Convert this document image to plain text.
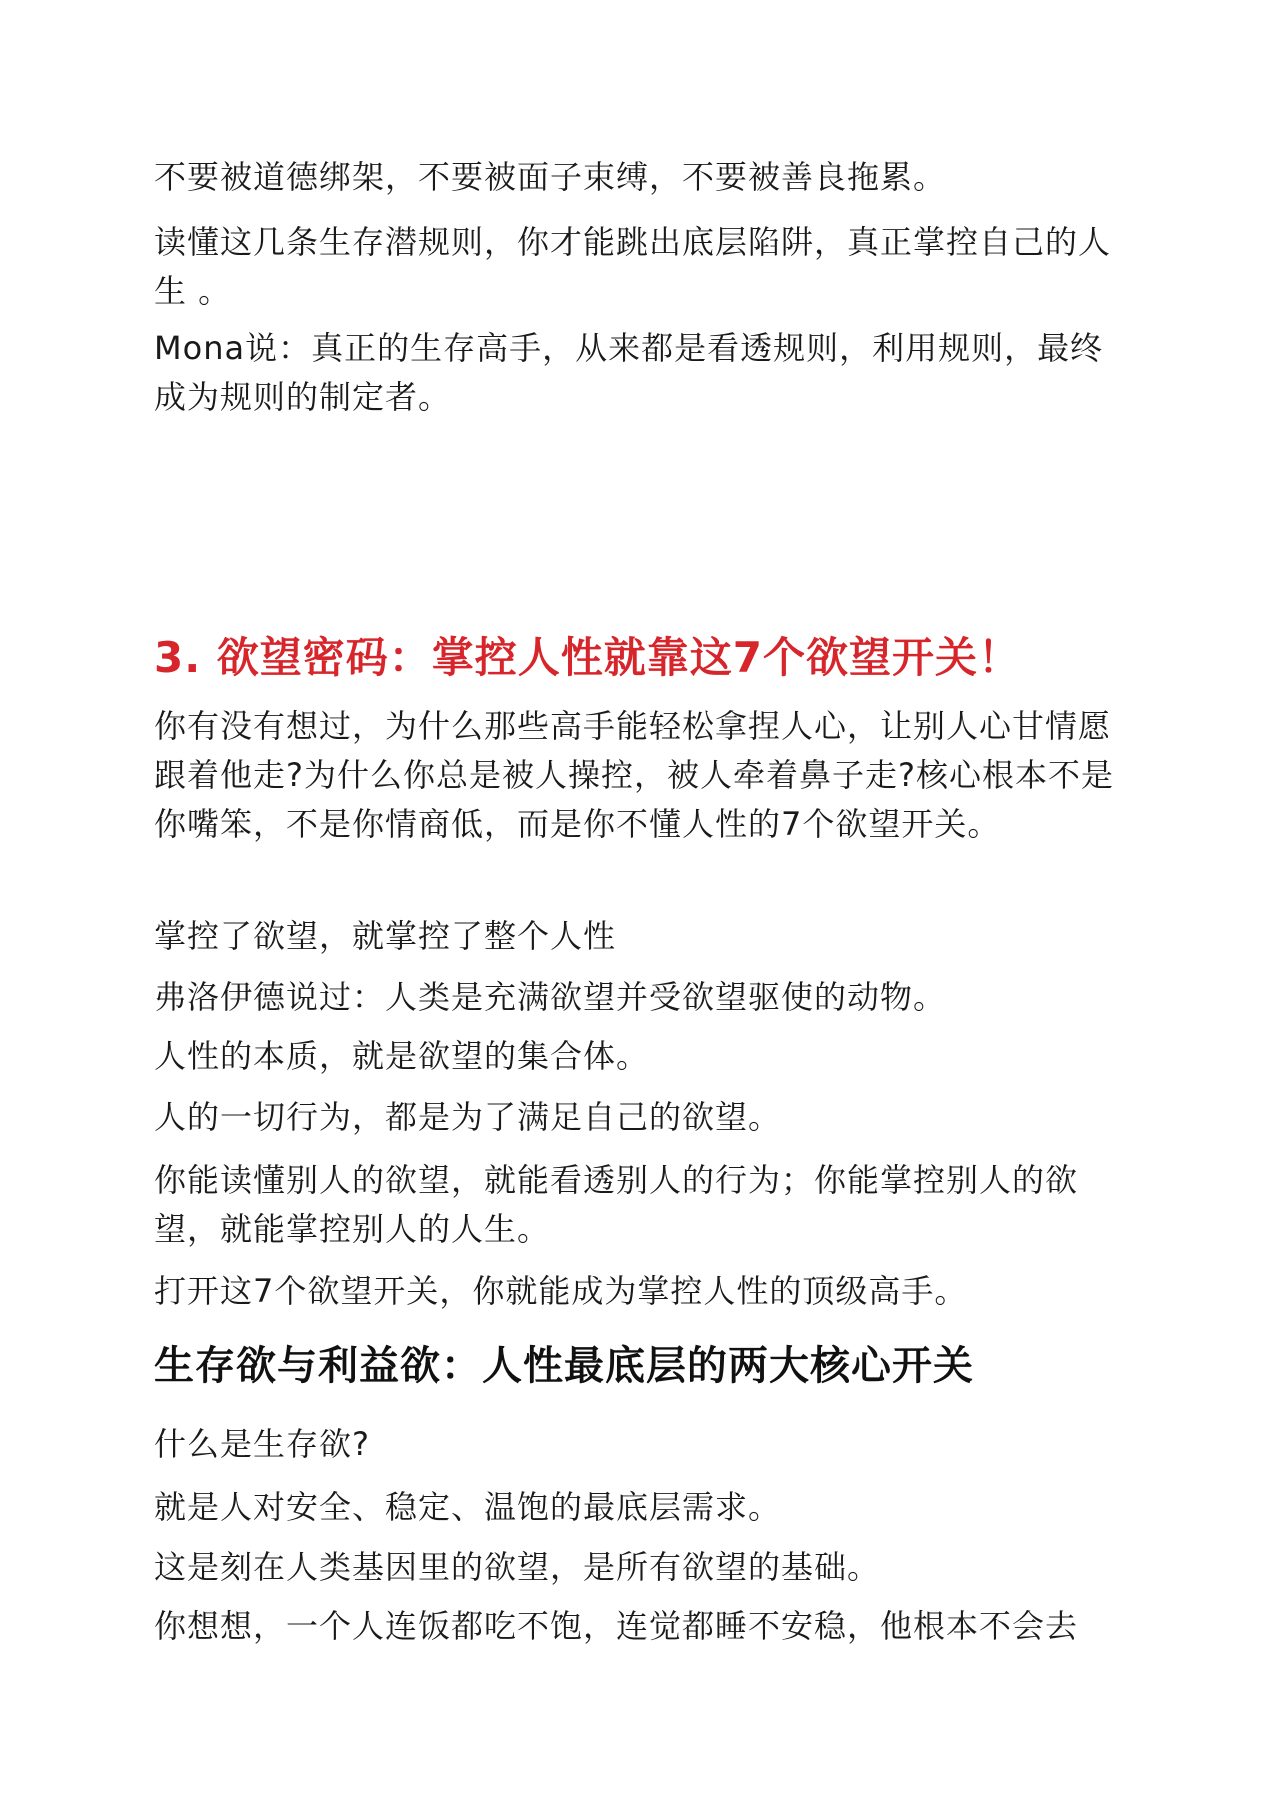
不要被道德绑架，不要被面子束缚，不要被善良拖累。

读懂这几条生存潜规则，你才能跳出底层陷阱，真正掌控自己的人 生 。

Mona说：真正的生存高手，从来都是看透规则，利用规则，最终 成为规则的制定者。

3. 欲望密码：掌控人性就靠这7个欲望开关！

你有没有想过，为什么那些高手能轻松拿捏人心，让别人心甘情愿跟着他走?为什么你总是被人操控，被人牵着鼻子走?核心根本不是你嘴笨，不是你情商低，而是你不懂人性的7个欲望开关。

掌控了欲望，就掌控了整个人性

弗洛伊德说过：人类是充满欲望并受欲望驱使的动物。

人性的本质，就是欲望的集合体。

人的一切行为，都是为了满足自己的欲望。

你能读懂别人的欲望，就能看透别人的行为；你能掌控别人的欲望，就能掌控别人的人生。

打开这7个欲望开关，你就能成为掌控人性的顶级高手。

生存欲与利益欲：人性最底层的两大核心开关

什么是生存欲?

就是人对安全、稳定、温饱的最底层需求。

这是刻在人类基因里的欲望，是所有欲望的基础。

你想想，一个人连饭都吃不饱，连觉都睡不安稳，他根本不会去
